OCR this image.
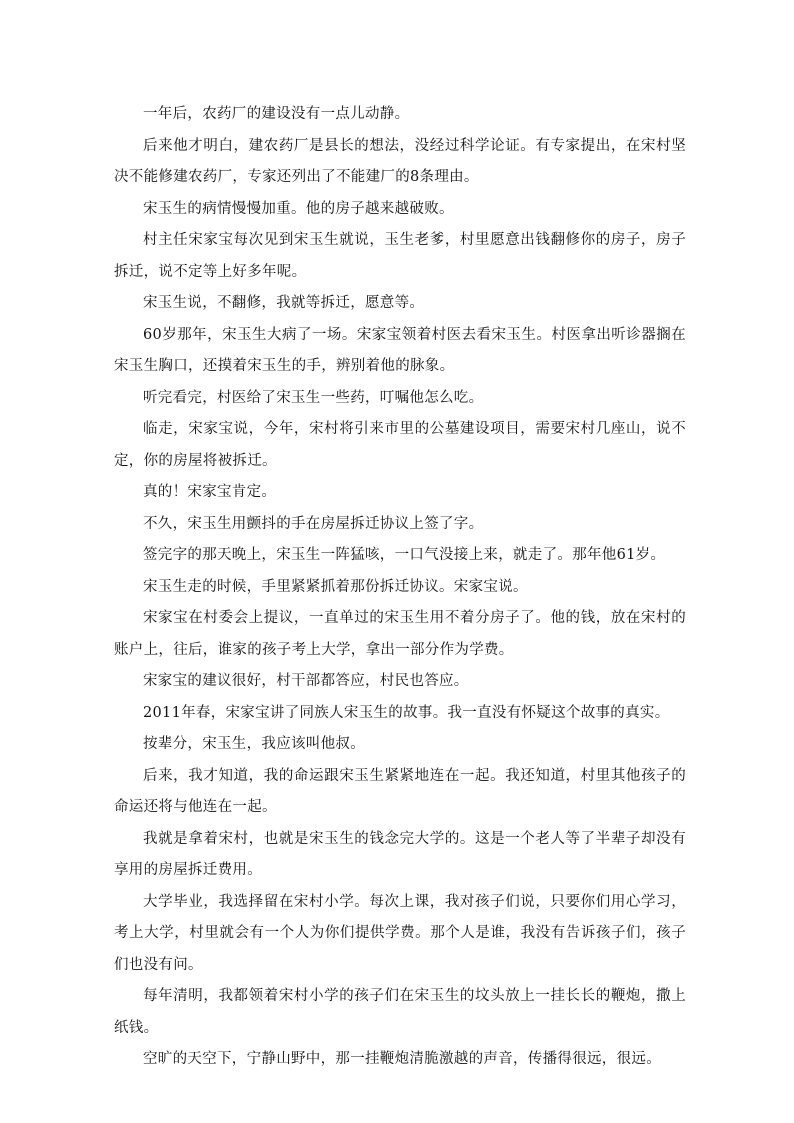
一年后，农药厂的建设没有一点儿动静。

后来他才明白，建农药厂是县长的想法，没经过科学论证。有专家提出，在宋村坚决不能修建农药厂，专家还列出了不能建厂的8条理由。

宋玉生的病情慢慢加重。他的房子越来越破败。

村主任宋家宝每次见到宋玉生就说，玉生老爹，村里愿意出钱翻修你的房子，房子拆迁，说不定等上好多年呢。

宋玉生说，不翻修，我就等拆迁，愿意等。

60岁那年，宋玉生大病了一场。宋家宝领着村医去看宋玉生。村医拿出听诊器搁在宋玉生胸口，还摸着宋玉生的手，辨别着他的脉象。

听完看完，村医给了宋玉生一些药，叮嘱他怎么吃。

临走，宋家宝说，今年，宋村将引来市里的公墓建设项目，需要宋村几座山，说不定，你的房屋将被拆迁。

真的！宋家宝肯定。

不久，宋玉生用颤抖的手在房屋拆迁协议上签了字。

签完字的那天晚上，宋玉生一阵猛咳，一口气没接上来，就走了。那年他61岁。

宋玉生走的时候，手里紧紧抓着那份拆迁协议。宋家宝说。

宋家宝在村委会上提议，一直单过的宋玉生用不着分房子了。他的钱，放在宋村的账户上，往后，谁家的孩子考上大学，拿出一部分作为学费。

宋家宝的建议很好，村干部都答应，村民也答应。

2011年春，宋家宝讲了同族人宋玉生的故事。我一直没有怀疑这个故事的真实。

按辈分，宋玉生，我应该叫他叔。

后来，我才知道，我的命运跟宋玉生紧紧地连在一起。我还知道，村里其他孩子的命运还将与他连在一起。

我就是拿着宋村，也就是宋玉生的钱念完大学的。这是一个老人等了半辈子却没有享用的房屋拆迁费用。

大学毕业，我选择留在宋村小学。每次上课，我对孩子们说，只要你们用心学习，考上大学，村里就会有一个人为你们提供学费。那个人是谁，我没有告诉孩子们，孩子们也没有问。

每年清明，我都领着宋村小学的孩子们在宋玉生的坟头放上一挂长长的鞭炮，撒上纸钱。

空旷的天空下，宁静山野中，那一挂鞭炮清脆激越的声音，传播得很远，很远。
